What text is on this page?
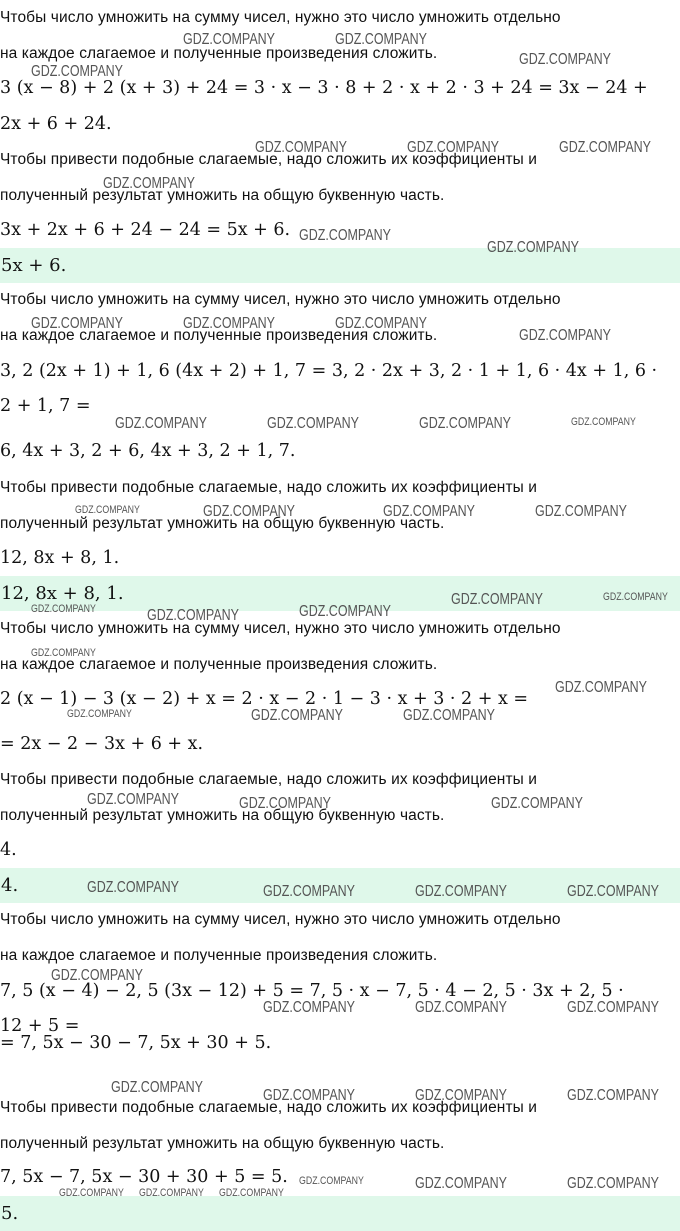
Чтобы число умножить на сумму чисел, нужно это число умножить отдельно
на каждое слагаемое и полученные произведения сложить.
3 (x − 8) + 2 (x + 3) + 24 = 3 · x − 3 · 8 + 2 · x + 2 · 3 + 24 = 3x − 24 +
2x + 6 + 24.
Чтобы привести подобные слагаемые, надо сложить их коэффициенты и
полученный результат умножить на общую буквенную часть.
3x + 2x + 6 + 24 − 24 = 5x + 6.
5x + 6.
Чтобы число умножить на сумму чисел, нужно это число умножить отдельно
на каждое слагаемое и полученные произведения сложить.
3, 2 (2x + 1) + 1, 6 (4x + 2) + 1, 7 = 3, 2 · 2x + 3, 2 · 1 + 1, 6 · 4x + 1, 6 ·
2 + 1, 7 =
6, 4x + 3, 2 + 6, 4x + 3, 2 + 1, 7.
Чтобы привести подобные слагаемые, надо сложить их коэффициенты и
полученный результат умножить на общую буквенную часть.
12, 8x + 8, 1.
12, 8x + 8, 1.
Чтобы число умножить на сумму чисел, нужно это число умножить отдельно
на каждое слагаемое и полученные произведения сложить.
2 (x − 1) − 3 (x − 2) + x = 2 · x − 2 · 1 − 3 · x + 3 · 2 + x =
= 2x − 2 − 3x + 6 + x.
Чтобы привести подобные слагаемые, надо сложить их коэффициенты и
полученный результат умножить на общую буквенную часть.
4.
4.
Чтобы число умножить на сумму чисел, нужно это число умножить отдельно
на каждое слагаемое и полученные произведения сложить.
7, 5 (x − 4) − 2, 5 (3x − 12) + 5 = 7, 5 · x − 7, 5 · 4 − 2, 5 · 3x + 2, 5 ·
12 + 5 =
= 7, 5x − 30 − 7, 5x + 30 + 5.
Чтобы привести подобные слагаемые, надо сложить их коэффициенты и
полученный результат умножить на общую буквенную часть.
7, 5x − 7, 5x − 30 + 30 + 5 = 5.
5.
GDZ.COMPANY	GDZ.COMPANY
GDZ.COMPANY
GDZ.COMPANY
GDZ.COMPANY	GDZ.COMPANY	GDZ.COMPANY
GDZ.COMPANY
GDZ.COMPANY
GDZ.COMPANY
GDZ.COMPANY	GDZ.COMPANY	GDZ.COMPANY
GDZ.COMPANY
GDZ.COMPANY	GDZ.COMPANY	GDZ.COMPANY	GDZ.COMPANY
GDZ.COMPANY	GDZ.COMPANY	GDZ.COMPANY	GDZ.COMPANY
GDZ.COMPANY	GDZ.COMPANY	GDZ.COMPANY
GDZ.COMPANY	GDZ.COMPANY
GDZ.COMPANY
GDZ.COMPANY
GDZ.COMPANY	GDZ.COMPANY	GDZ.COMPANY
GDZ.COMPANY	GDZ.COMPANY	GDZ.COMPANY
GDZ.COMPANY	GDZ.COMPANY	GDZ.COMPANY	GDZ.COMPANY
GDZ.COMPANY
GDZ.COMPANY	GDZ.COMPANY	GDZ.COMPANY
GDZ.COMPANY	GDZ.COMPANY	GDZ.COMPANY	GDZ.COMPANY
GDZ.COMPANY	GDZ.COMPANY	GDZ.COMPANY
GDZ.COMPANY GDZ.COMPANY GDZ.COMPANY
